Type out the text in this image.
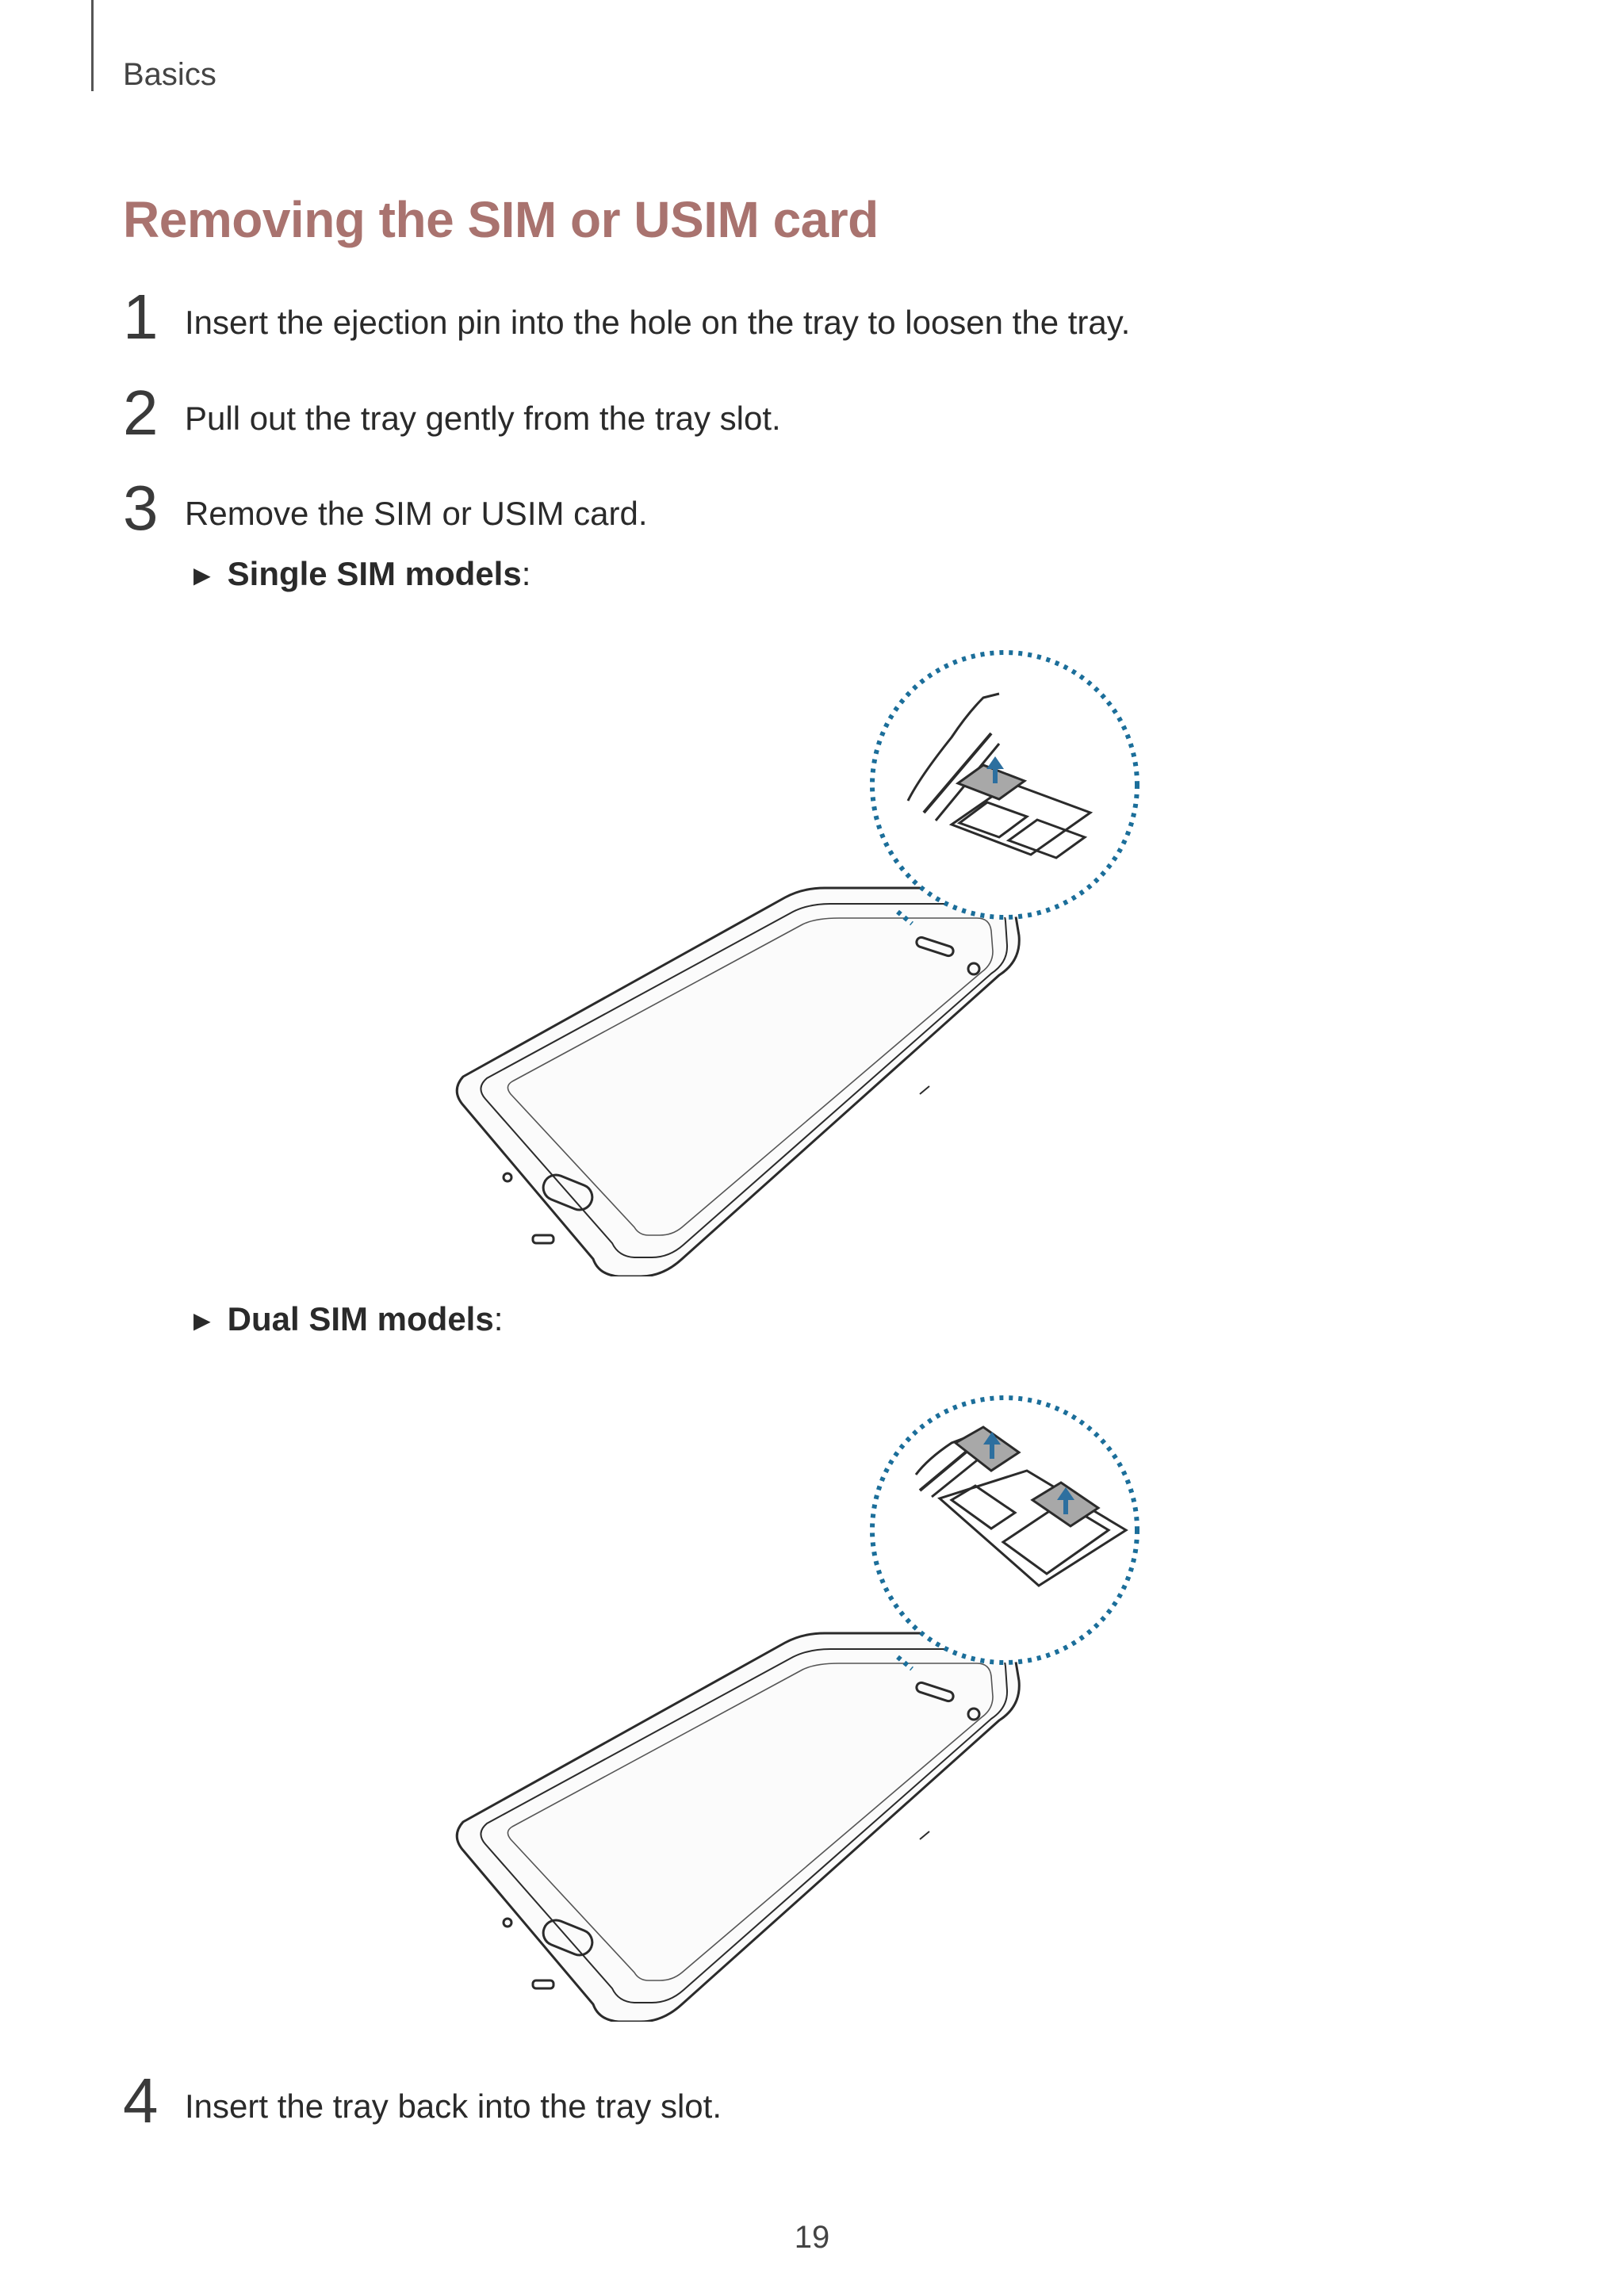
Basics
Removing the SIM or USIM card
1 Insert the ejection pin into the hole on the tray to loosen the tray.
2 Pull out the tray gently from the tray slot.
3 Remove the SIM or USIM card.
► Single SIM models:
► Dual SIM models:
4 Insert the tray back into the tray slot.
19
